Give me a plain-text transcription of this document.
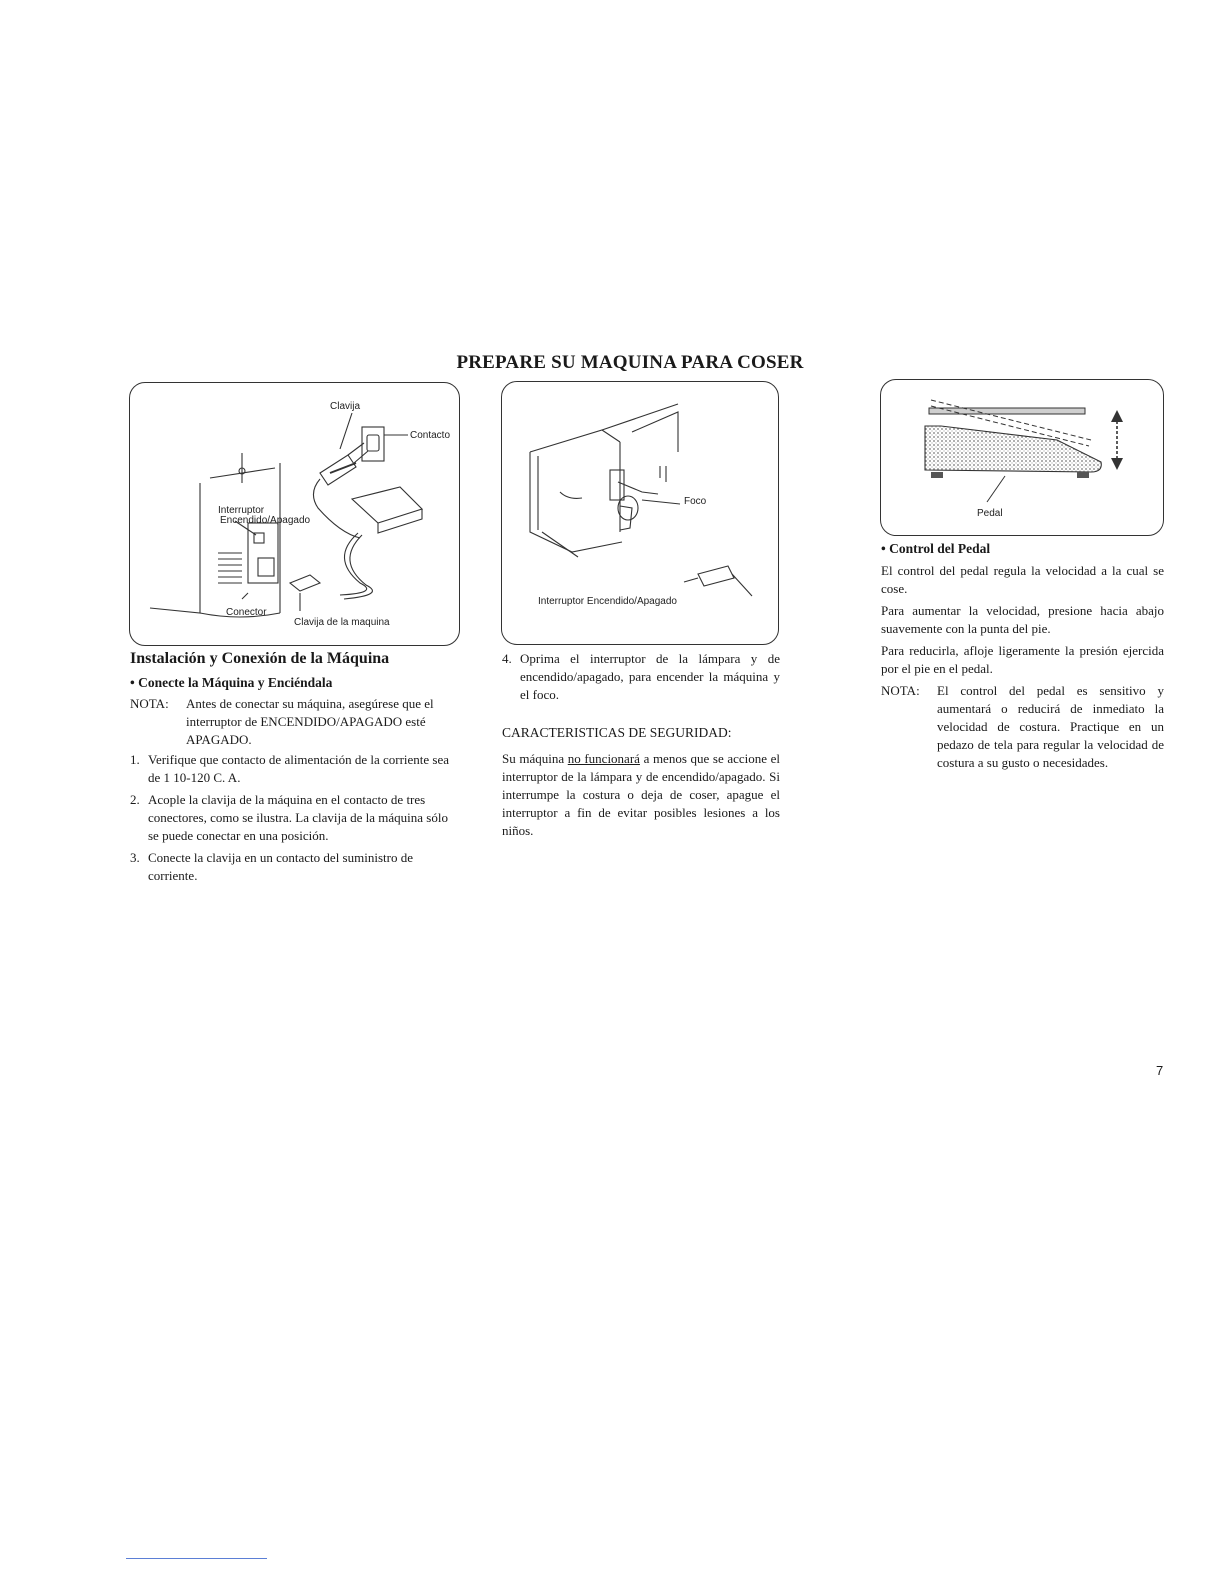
PREPARE SU MAQUINA PARA COSER
Clavija
Contacto
Interruptor
Encendido/Apagado
Conector
Clavija de la maquina
Foco
Interruptor Encendido/Apagado
Pedal
Instalación y Conexión de la Máquina
• Conecte la Máquina y Enciéndala
NOTA:	Antes de conectar su máquina, asegúrese que el interruptor de ENCENDIDO/APAGADO esté APAGADO.
1. Verifique que contacto de alimentación de la corriente sea de 1 10-120 C. A.
2. Acople la clavija de la máquina en el contacto de tres conectores, como se ilustra. La clavija de la máquina sólo se puede conectar en una posición.
3. Conecte la clavija en un contacto del suministro de corriente.
4. Oprima el interruptor de la lámpara y de encendido/apagado, para encender la máquina y el foco.

CARACTERISTICAS DE SEGURIDAD:

Su máquina no funcionará a menos que se accione el interruptor de la lámpara y de encendido/apagado. Si interrumpe la costura o deja de coser, apague el interruptor a fin de evitar posibles lesiones a los niños.

• Control del Pedal

El control del pedal regula la velocidad a la cual se cose.

Para aumentar la velocidad, presione hacia abajo suavemente con la punta del pie.

Para reducirla, afloje ligeramente la presión ejercida por el pie en el pedal.

NOTA:	El control del pedal es sensitivo y aumentará o reducirá de inmediato la velocidad de costura. Practique en un pedazo de tela para regular la velocidad de costura a su gusto o necesidades.
7
